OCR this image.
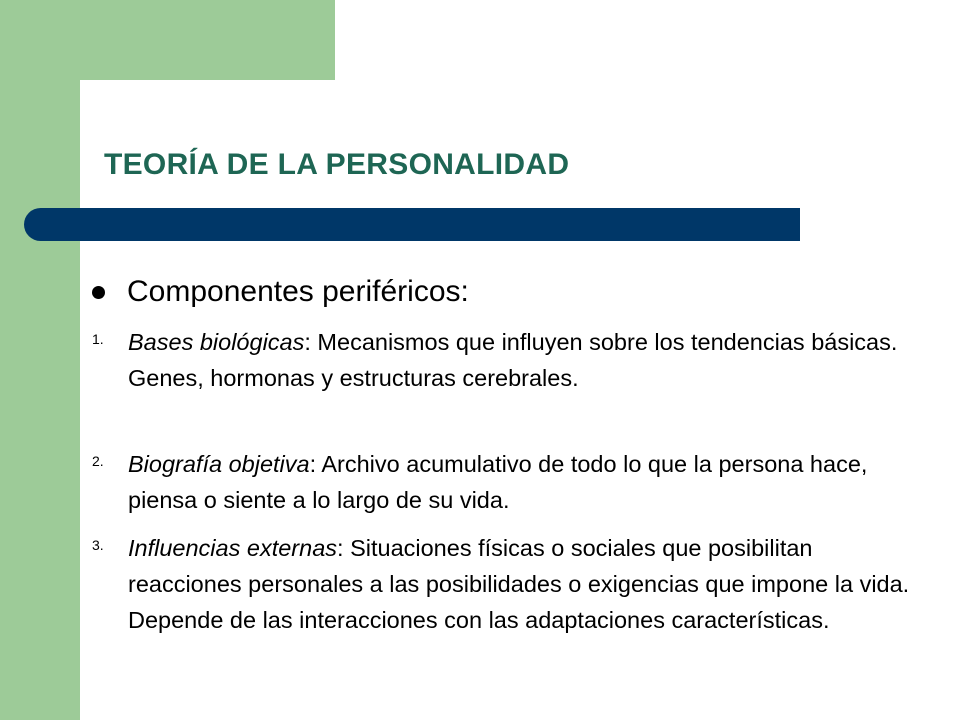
TEORÍA DE LA PERSONALIDAD
Componentes periféricos:
1.	Bases biológicas: Mecanismos que influyen sobre los tendencias básicas. Genes, hormonas y estructuras cerebrales.
2.	Biografía objetiva: Archivo acumulativo de todo lo que la persona hace, piensa o siente a lo largo de su vida.
3.	Influencias externas: Situaciones físicas o sociales que posibilitan reacciones personales a las posibilidades o exigencias que impone la vida. Depende de las interacciones con las adaptaciones características.
